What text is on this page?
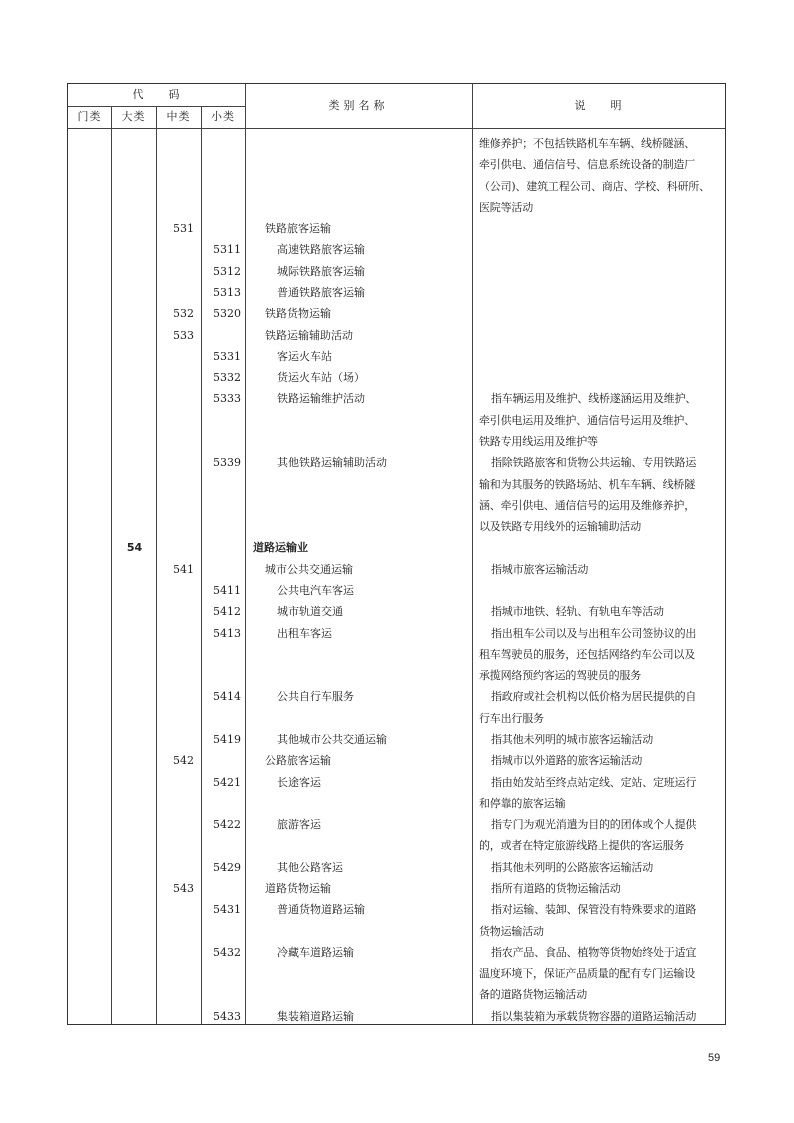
代　　码
门类	大类	中类	小类
类别名称	说　　明
维修养护；不包括铁路机车车辆、线桥隧涵、
牵引供电、通信信号、信息系统设备的制造厂
（公司)、建筑工程公司、商店、学校、科研所、
医院等活动
531	铁路旅客运输
5311	高速铁路旅客运输
5312	城际铁路旅客运输
5313	普通铁路旅客运输
532 5320 铁路货物运输
533	铁路运输辅助活动
5331	客运火车站
5332	货运火车站（场）
5333	铁路运输维护活动	指车辆运用及维护、线桥遂涵运用及维护、
牵引供电运用及维护、通信信号运用及维护、
铁路专用线运用及维护等
5339	其他铁路运输辅助活动	指除铁路旅客和货物公共运输、专用铁路运
输和为其服务的铁路场站、机车车辆、线桥隧
涵、牵引供电、通信信号的运用及维修养护，
以及铁路专用线外的运输辅助活动
54	道路运输业
541	城市公共交通运输	指城市旅客运输活动
5411	公共电汽车客运
5412	城市轨道交通	指城市地铁、轻轨、有轨电车等活动
5413	出租车客运	指出租车公司以及与出租车公司签协议的出
租车驾驶员的服务，还包括网络约车公司以及
承揽网络预约客运的驾驶员的服务
5414	公共自行车服务	指政府或社会机构以低价格为居民提供的自
行车出行服务
5419	其他城市公共交通运输	指其他未列明的城市旅客运输活动
542	公路旅客运输	指城市以外道路的旅客运输活动
5421	长途客运	指由始发站至终点站定线、定站、定班运行
和停靠的旅客运输
5422	旅游客运	指专门为观光消遣为目的的团体或个人提供
的，或者在特定旅游线路上提供的客运服务
5429	其他公路客运	指其他未列明的公路旅客运输活动
543	道路货物运输	指所有道路的货物运输活动
5431	普通货物道路运输	指对运输、装卸、保管没有特殊要求的道路
货物运输活动
5432	冷藏车道路运输	指农产品、食品、植物等货物始终处于适宜
温度环境下，保证产品质量的配有专门运输设
备的道路货物运输活动
5433	集装箱道路运输	指以集装箱为承载货物容器的道路运输活动
59
